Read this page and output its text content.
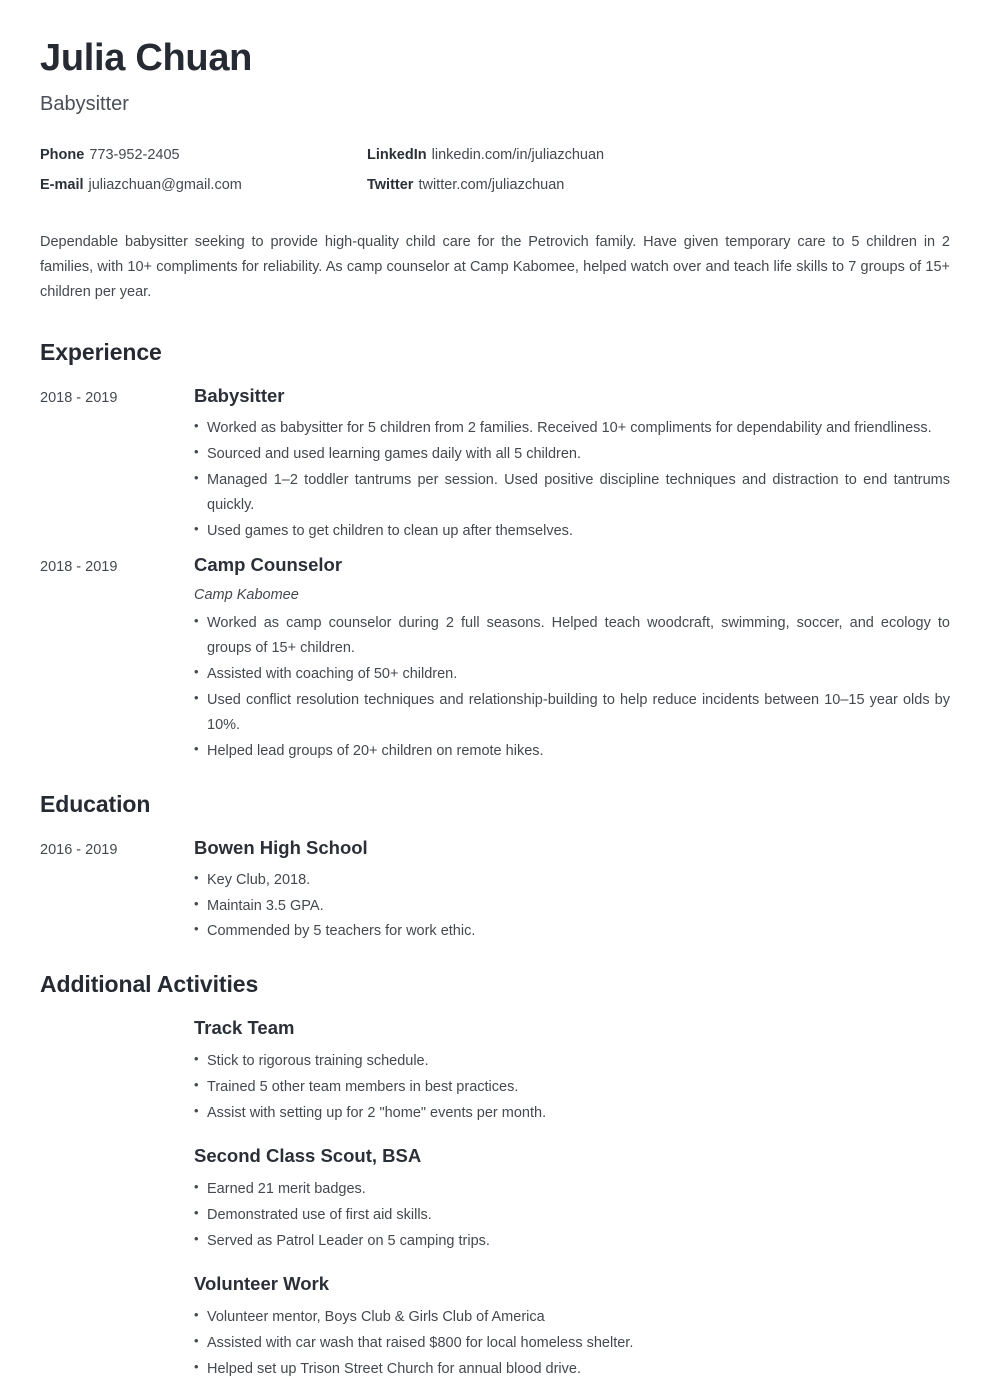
Julia Chuan
Babysitter
Phone 773-952-2405	LinkedIn linkedin.com/in/juliazchuan
E-mail juliazchuan@gmail.com	Twitter twitter.com/juliazchuan

Dependable babysitter seeking to provide high-quality child care for the Petrovich family. Have given temporary care to 5 children in 2 families, with 10+ compliments for reliability. As camp counselor at Camp Kabomee, helped watch over and teach life skills to 7 groups of 15+ children per year.

Experience
2018 - 2019	Babysitter
• Worked as babysitter for 5 children from 2 families. Received 10+ compliments for dependability and friendliness.
• Sourced and used learning games daily with all 5 children.
• Managed 1–2 toddler tantrums per session. Used positive discipline techniques and distraction to end tantrums quickly.
• Used games to get children to clean up after themselves.
2018 - 2019	Camp Counselor
Camp Kabomee
• Worked as camp counselor during 2 full seasons. Helped teach woodcraft, swimming, soccer, and ecology to groups of 15+ children.
• Assisted with coaching of 50+ children.
• Used conflict resolution techniques and relationship-building to help reduce incidents between 10–15 year olds by 10%.
• Helped lead groups of 20+ children on remote hikes.
Education
2016 - 2019	Bowen High School
• Key Club, 2018.
• Maintain 3.5 GPA.
• Commended by 5 teachers for work ethic.
Additional Activities
Track Team
• Stick to rigorous training schedule.
• Trained 5 other team members in best practices.
• Assist with setting up for 2 "home" events per month.
Second Class Scout, BSA
• Earned 21 merit badges.
• Demonstrated use of first aid skills.
• Served as Patrol Leader on 5 camping trips.
Volunteer Work
• Volunteer mentor, Boys Club & Girls Club of America
• Assisted with car wash that raised $800 for local homeless shelter.
• Helped set up Trison Street Church for annual blood drive.
